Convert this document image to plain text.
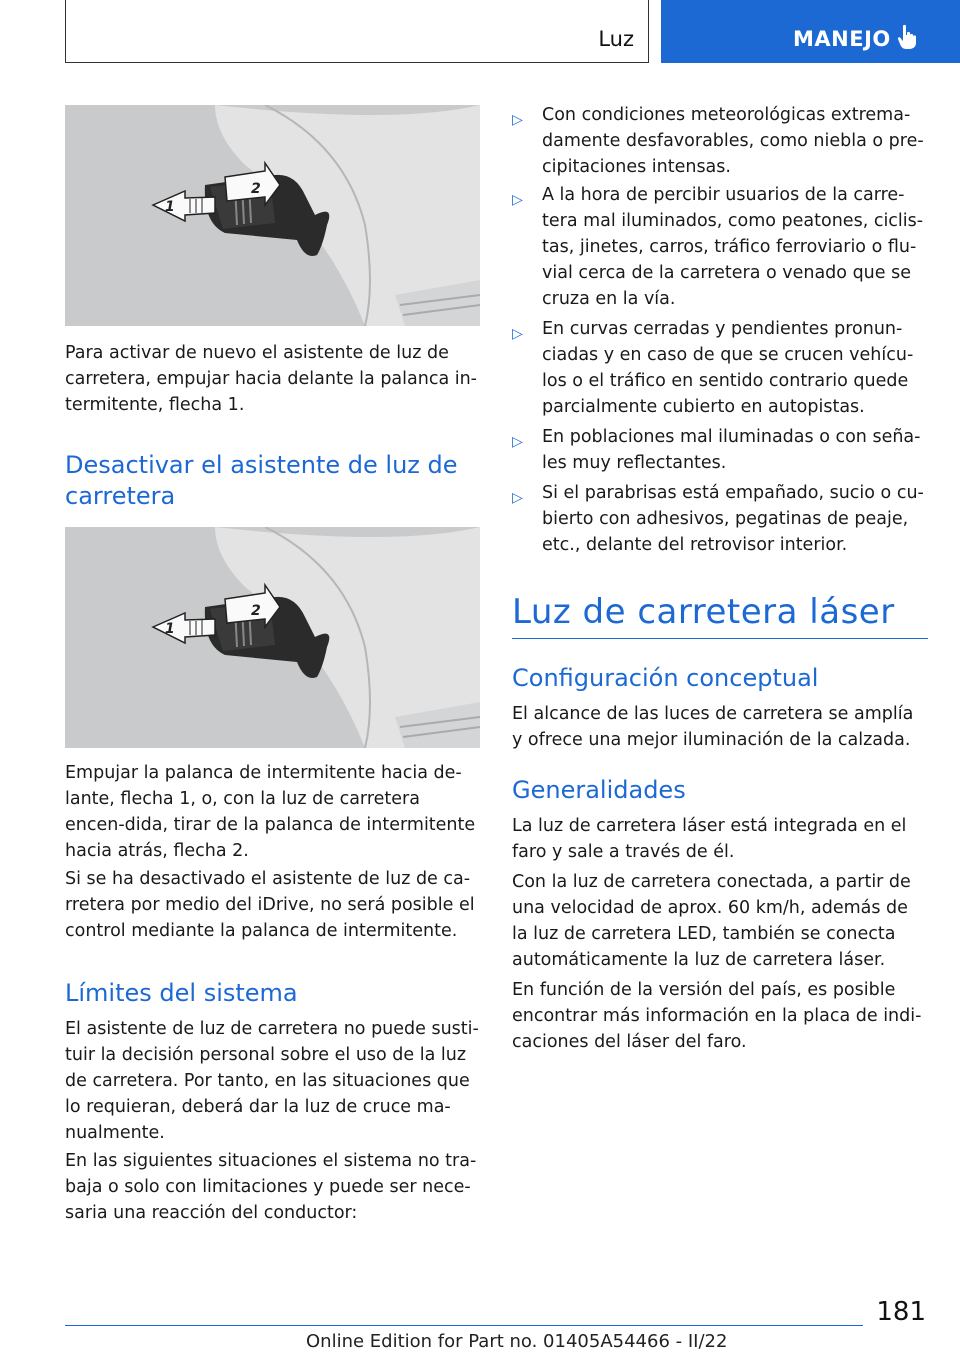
Luz	MANEJO
1
2
Para activar de nuevo el asistente de luz de carretera, empujar hacia delante la palanca in-termitente, flecha 1.
Desactivar el asistente de luz de
carretera
1
2
Empujar la palanca de intermitente hacia de-lante, flecha 1, o, con la luz de carretera encen-dida, tirar de la palanca de intermitente hacia atrás, flecha 2.
Si se ha desactivado el asistente de luz de ca-rretera por medio del iDrive, no será posible el control mediante la palanca de intermitente.
Límites del sistema
El asistente de luz de carretera no puede susti-tuir la decisión personal sobre el uso de la luz de carretera. Por tanto, en las situaciones que lo requieran, deberá dar la luz de cruce ma-nualmente.
En las siguientes situaciones el sistema no tra-baja o solo con limitaciones y puede ser nece-saria una reacción del conductor:
▷ Con condiciones meteorológicas extrema-damente desfavorables, como niebla o pre-cipitaciones intensas.
▷ A la hora de percibir usuarios de la carre-tera mal iluminados, como peatones, ciclis-tas, jinetes, carros, tráfico ferroviario o flu-vial cerca de la carretera o venado que se cruza en la vía.
▷ En curvas cerradas y pendientes pronun-ciadas y en caso de que se crucen vehícu-los o el tráfico en sentido contrario quede parcialmente cubierto en autopistas.
▷ En poblaciones mal iluminadas o con seña-les muy reflectantes.
▷ Si el parabrisas está empañado, sucio o cu-bierto con adhesivos, pegatinas de peaje, etc., delante del retrovisor interior.
Luz de carretera láser
Configuración conceptual
El alcance de las luces de carretera se amplía y ofrece una mejor iluminación de la calzada.
Generalidades
La luz de carretera láser está integrada en el faro y sale a través de él.
Con la luz de carretera conectada, a partir de una velocidad de aprox. 60 km/h, además de la luz de carretera LED, también se conecta automáticamente la luz de carretera láser.
En función de la versión del país, es posible encontrar más información en la placa de indi-caciones del láser del faro.
181
Online Edition for Part no. 01405A54466 - II/22
